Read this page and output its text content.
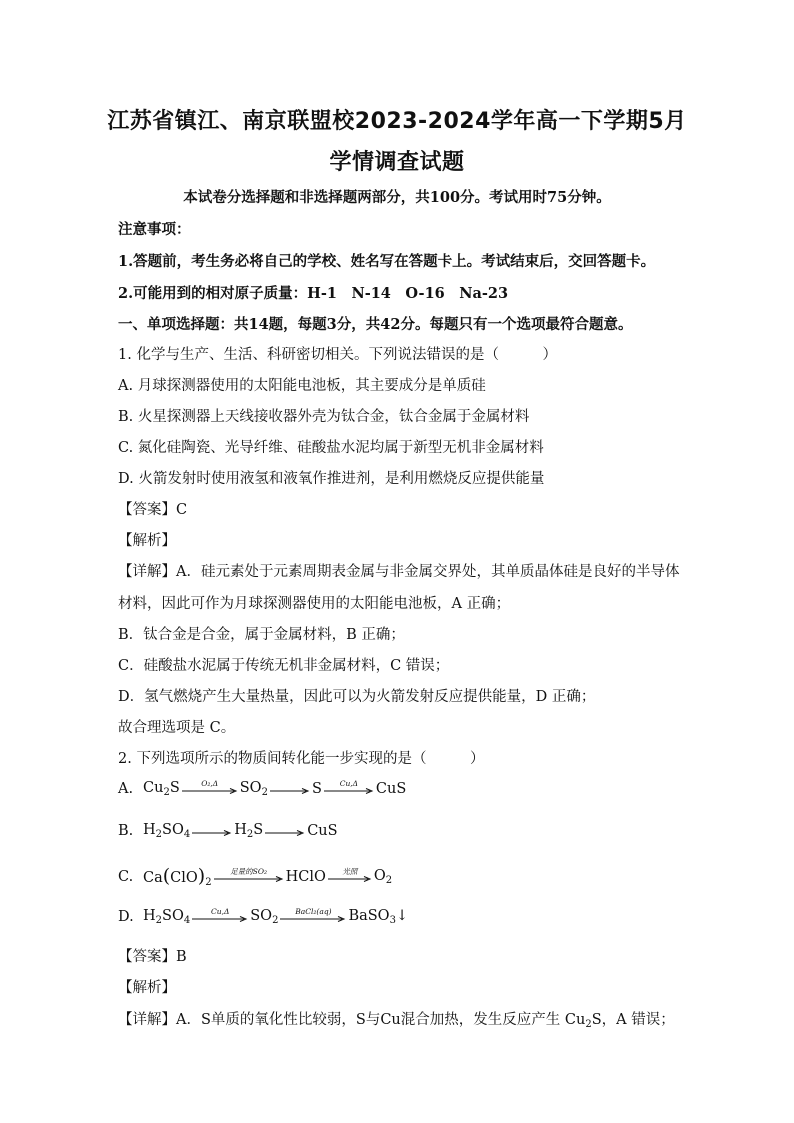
江苏省镇江、南京联盟校2023-2024学年高一下学期5月
学情调查试题
本试卷分选择题和非选择题两部分，共100分。考试用时75分钟。
注意事项：
1.答题前，考生务必将自己的学校、姓名写在答题卡上。考试结束后，交回答题卡。
2.可能用到的相对原子质量：H-1　N-14　O-16　Na-23
一、单项选择题：共14题，每题3分，共42分。每题只有一个选项最符合题意。
1. 化学与生产、生活、科研密切相关。下列说法错误的是（　　　）
A. 月球探测器使用的太阳能电池板，其主要成分是单质硅
B. 火星探测器上天线接收器外壳为钛合金，钛合金属于金属材料
C. 氮化硅陶瓷、光导纤维、硅酸盐水泥均属于新型无机非金属材料
D. 火箭发射时使用液氢和液氧作推进剂，是利用燃烧反应提供能量
【答案】C
【解析】
【详解】A．硅元素处于元素周期表金属与非金属交界处，其单质晶体硅是良好的半导体
材料，因此可作为月球探测器使用的太阳能电池板，A 正确；
B．钛合金是合金，属于金属材料，B 正确；
C．硅酸盐水泥属于传统无机非金属材料，C 错误；
D．氢气燃烧产生大量热量，因此可以为火箭发射反应提供能量，D 正确；
故合理选项是 C。
2. 下列选项所示的物质间转化能一步实现的是（　　　）
A. $Cu_2S$	O₂,Δ $SO_2 \to S$ Cu,Δ CuS
B. $H_2SO_4 \to H_2S$ → CuS
C. $Ca(ClO)_2$
足量的SO₂ HClO 光照 $O_2$
D. $H_2SO_4$
Cu,Δ $SO_2$
BaCl₂(aq) BaSO$_3$↓
【答案】B
【解析】
【详解】A．S单质的氧化性比较弱，S与Cu混合加热，发生反应产生 $Cu_2S$，A 错误；
